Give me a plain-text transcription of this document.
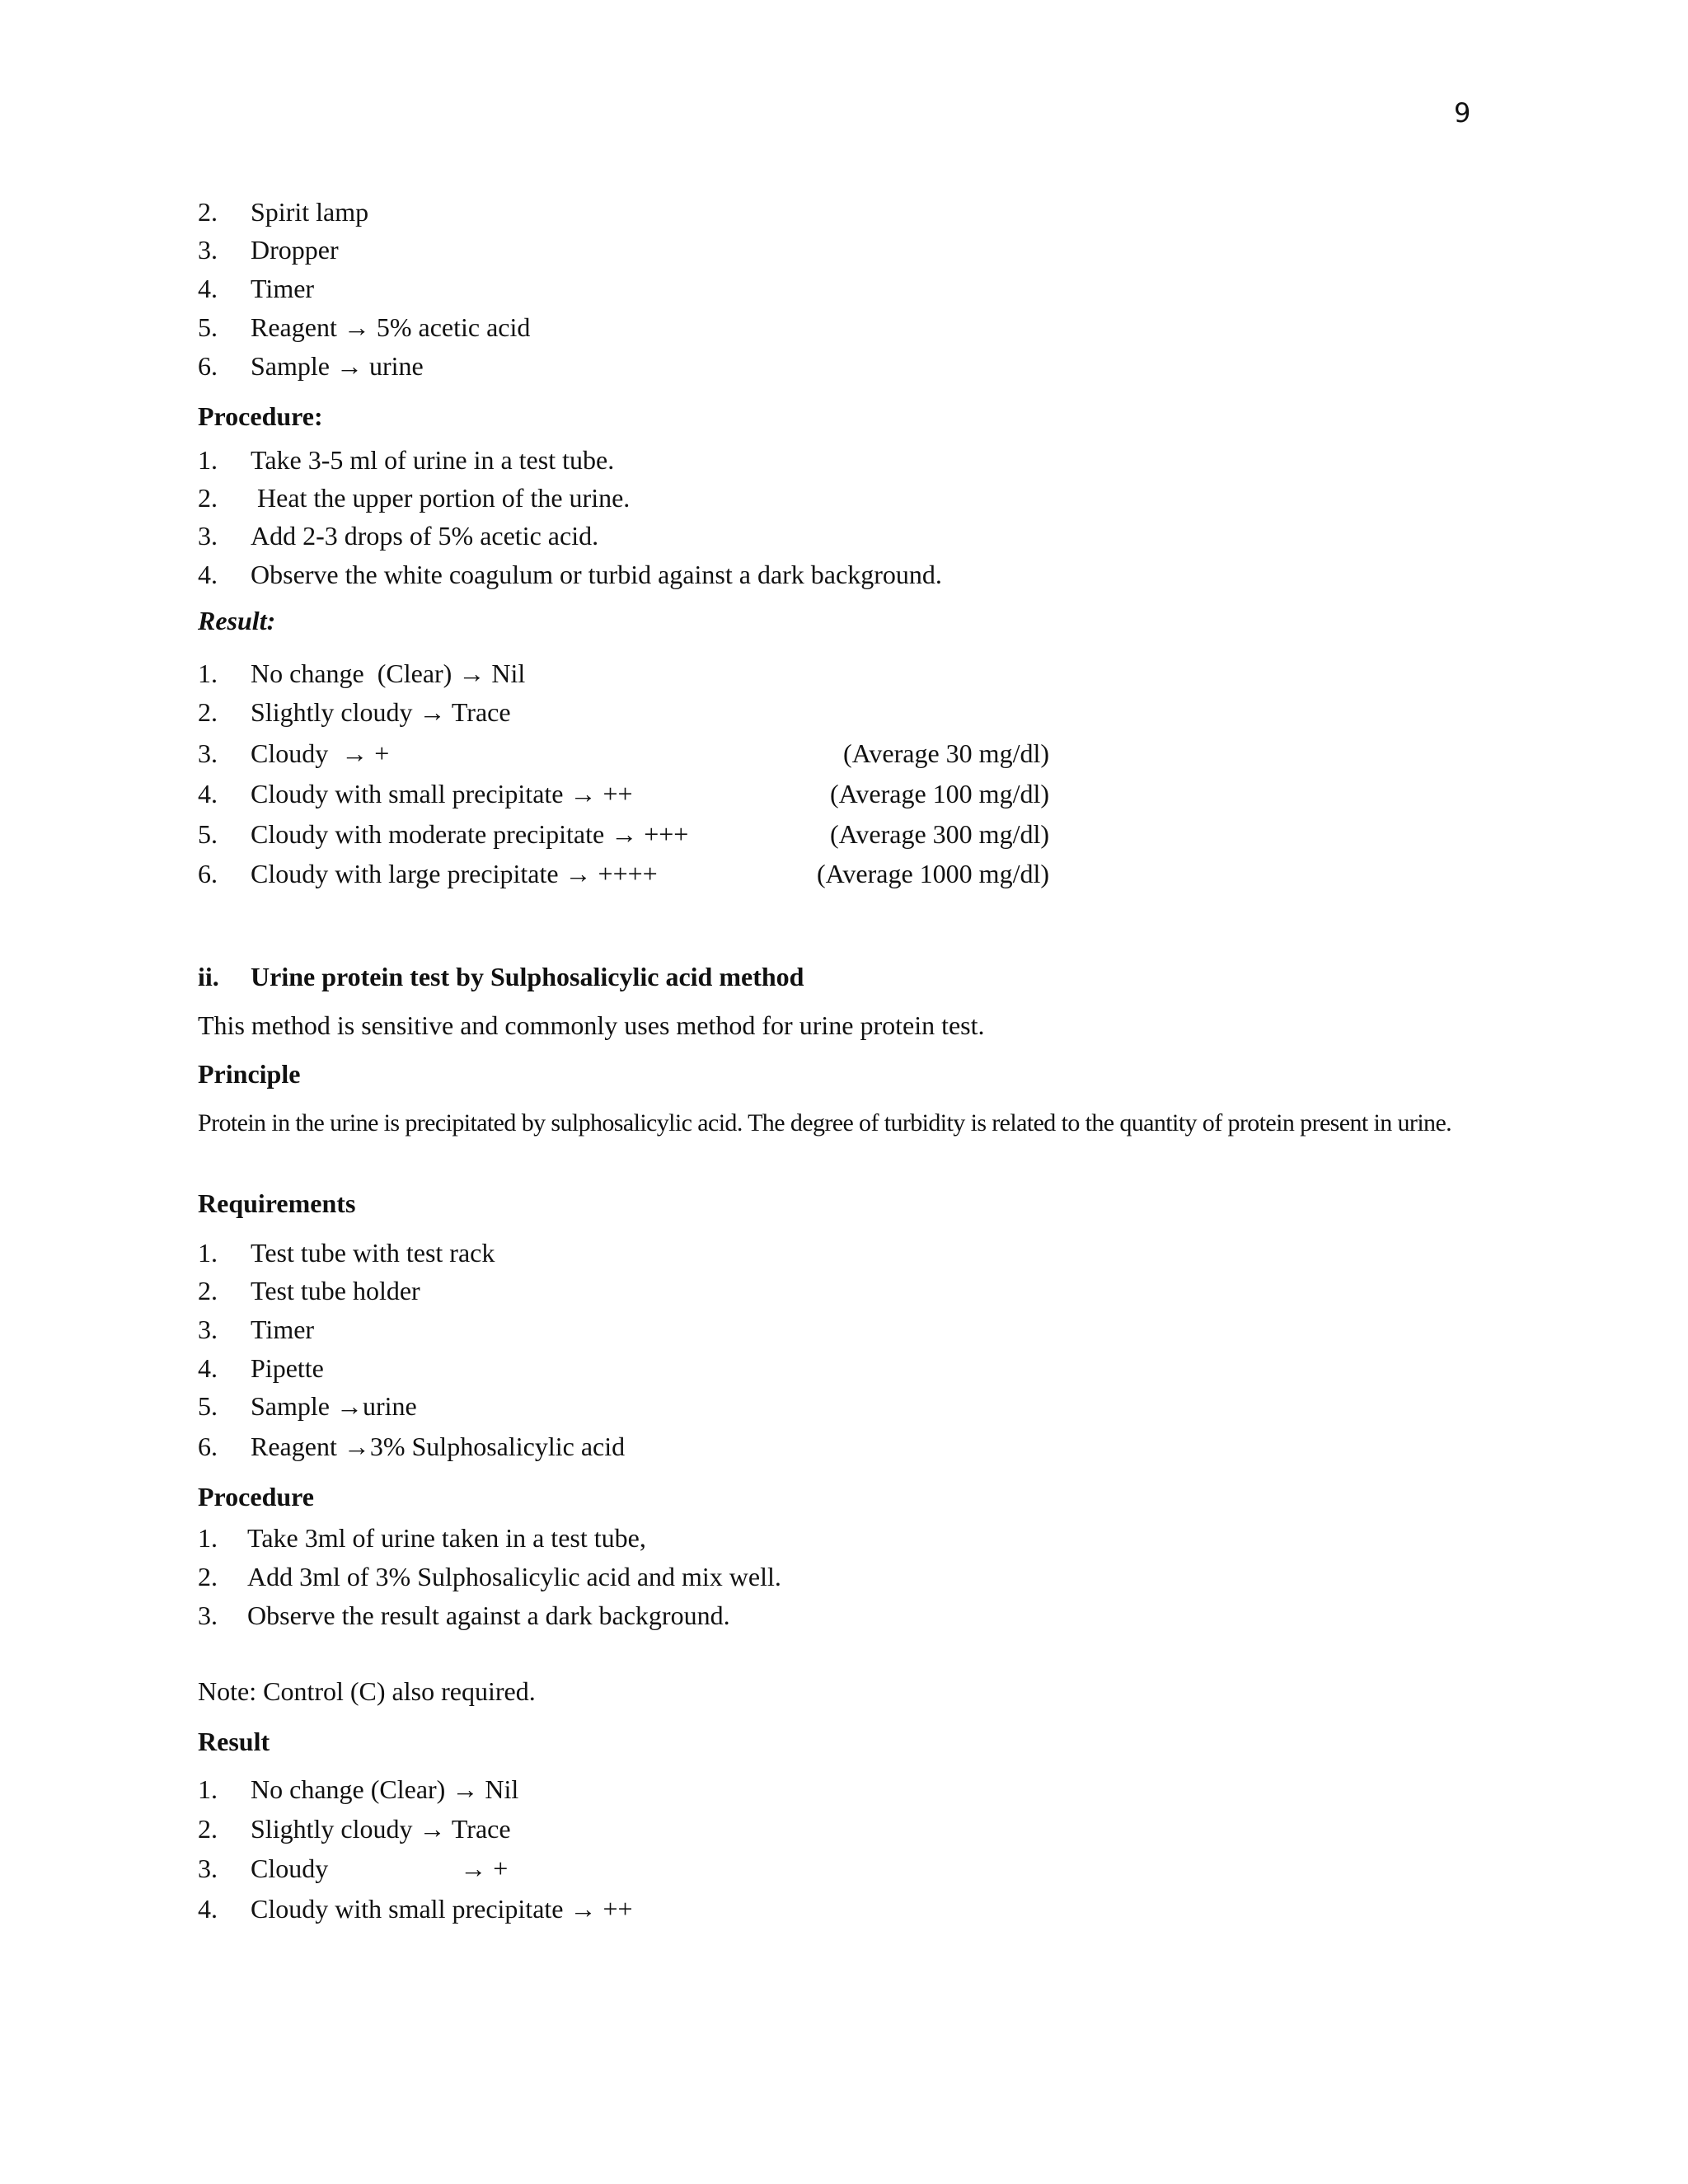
9
2. Spirit lamp
3. Dropper
4. Timer
5. Reagent → 5% acetic acid
6. Sample → urine
Procedure:
1. Take 3-5 ml of urine in a test tube.
2. Heat the upper portion of the urine.
3. Add 2-3 drops of 5% acetic acid.
4. Observe the white coagulum or turbid against a dark background.
Result:
1. No change  (Clear) → Nil
2. Slightly cloudy → Trace
3. Cloudy  → +	(Average 30 mg/dl)
4. Cloudy with small precipitate → ++	(Average 100 mg/dl)
5. Cloudy with moderate precipitate → +++	(Average 300 mg/dl)
6. Cloudy with large precipitate → ++++	(Average 1000 mg/dl)
ii. Urine protein test by Sulphosalicylic acid method
This method is sensitive and commonly uses method for urine protein test.
Principle
Protein in the urine is precipitated by sulphosalicylic acid. The degree of turbidity is related to the quantity of protein present in urine.
Requirements
1. Test tube with test rack
2. Test tube holder
3. Timer
4. Pipette
5. Sample →urine
6. Reagent →3% Sulphosalicylic acid
Procedure
1. Take 3ml of urine taken in a test tube,
2. Add 3ml of 3% Sulphosalicylic acid and mix well.
3. Observe the result against a dark background.
Note: Control (C) also required.
Result
1. No change (Clear) → Nil
2. Slightly cloudy → Trace
3. Cloudy                    → +
4. Cloudy with small precipitate → ++
